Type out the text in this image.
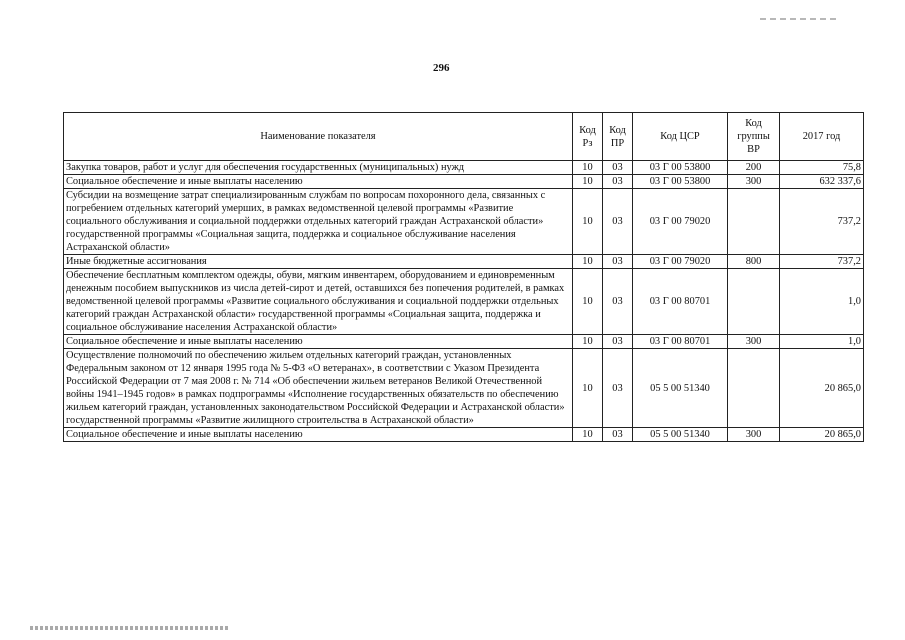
296
Наименование показателя	Код Рз	Код ПР	Код ЦСР	Код группы ВР	2017 год
Закупка товаров, работ и услуг для обеспечения государственных (муниципальных) нужд	10	03	03 Г 00 53800	200	75,8
Социальное обеспечение и иные выплаты населению	10	03	03 Г 00 53800	300	632 337,6
Субсидии на возмещение затрат специализированным службам по вопросам похоронного дела, связанных с погребением отдельных категорий умерших, в рамках ведомственной целевой программы «Развитие социального обслуживания и социальной поддержки отдельных категорий граждан Астраханской области» государственной программы «Социальная защита, поддержка и социальное обслуживание населения Астраханской области»	10	03	03 Г 00 79020		737,2
Иные бюджетные ассигнования	10	03	03 Г 00 79020	800	737,2
Обеспечение бесплатным комплектом одежды, обуви, мягким инвентарем, оборудованием и единовременным денежным пособием выпускников из числа детей-сирот и детей, оставшихся без попечения родителей, в рамках ведомственной целевой программы «Развитие социального обслуживания и социальной поддержки отдельных категорий граждан Астраханской области» государственной программы «Социальная защита, поддержка и социальное обслуживание населения Астраханской области»	10	03	03 Г 00 80701		1,0
Социальное обеспечение и иные выплаты населению	10	03	03 Г 00 80701	300	1,0
Осуществление полномочий по обеспечению жильем отдельных категорий граждан, установленных Федеральным законом от 12 января 1995 года № 5-ФЗ «О ветеранах», в соответствии с Указом Президента Российской Федерации от 7 мая 2008 г. № 714 «Об обеспечении жильем ветеранов Великой Отечественной войны 1941–1945 годов» в рамках подпрограммы «Исполнение государственных обязательств по обеспечению жильем категорий граждан, установленных законодательством Российской Федерации и Астраханской области» государственной программы «Развитие жилищного строительства в Астраханской области»	10	03	05 5 00 51340		20 865,0
Социальное обеспечение и иные выплаты населению	10	03	05 5 00 51340	300	20 865,0
